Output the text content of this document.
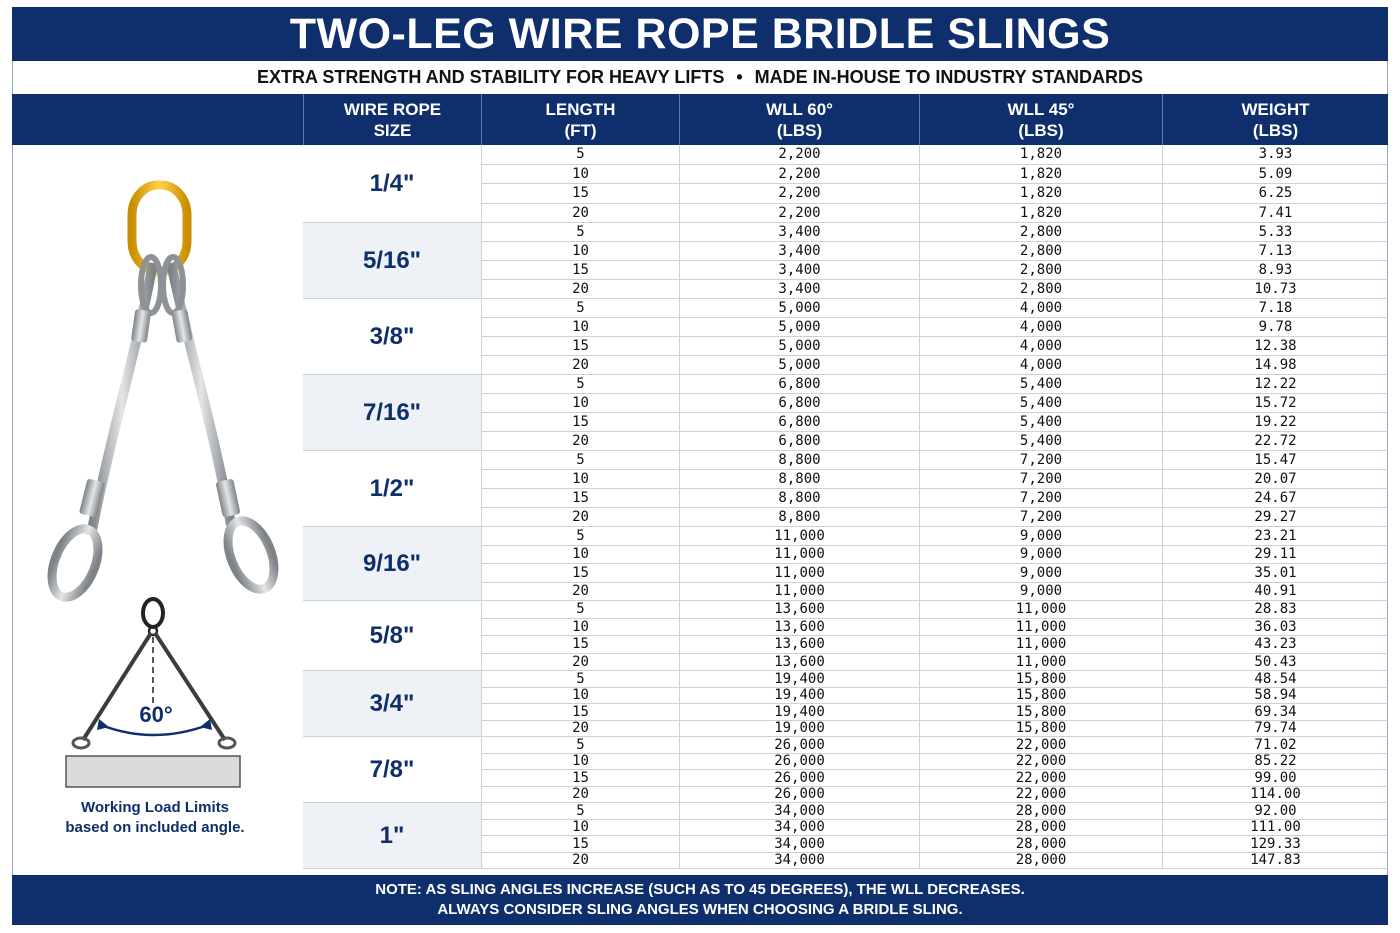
TWO-LEG WIRE ROPE BRIDLE SLINGS
EXTRA STRENGTH AND STABILITY FOR HEAVY LIFTS • MADE IN-HOUSE TO INDUSTRY STANDARDS
WIRE ROPE
SIZE
LENGTH
(FT)
WLL 60°
(LBS)
WLL 45°
(LBS)
WEIGHT
(LBS)
60°
Working Load Limits
based on included angle.
1/4"
5	2,200	1,820	3.93
10	2,200	1,820	5.09
15	2,200	1,820	6.25
20	2,200	1,820	7.41
5/16"
5	3,400	2,800	5.33
10	3,400	2,800	7.13
15	3,400	2,800	8.93
20	3,400	2,800	10.73
3/8"
5	5,000	4,000	7.18
10	5,000	4,000	9.78
15	5,000	4,000	12.38
20	5,000	4,000	14.98
7/16"
5	6,800	5,400	12.22
10	6,800	5,400	15.72
15	6,800	5,400	19.22
20	6,800	5,400	22.72
1/2"
5	8,800	7,200	15.47
10	8,800	7,200	20.07
15	8,800	7,200	24.67
20	8,800	7,200	29.27
9/16"
5	11,000	9,000	23.21
10	11,000	9,000	29.11
15	11,000	9,000	35.01
20	11,000	9,000	40.91
5/8"
5	13,600	11,000	28.83
10	13,600	11,000	36.03
15	13,600	11,000	43.23
20	13,600	11,000	50.43
3/4"
5	19,400	15,800	48.54
10	19,400	15,800	58.94
15	19,400	15,800	69.34
20	19,000	15,800	79.74
7/8"
5	26,000	22,000	71.02
10	26,000	22,000	85.22
15	26,000	22,000	99.00
20	26,000	22,000	114.00
1"
5	34,000	28,000	92.00
10	34,000	28,000	111.00
15	34,000	28,000	129.33
20	34,000	28,000	147.83
NOTE: AS SLING ANGLES INCREASE (SUCH AS TO 45 DEGREES), THE WLL DECREASES.
ALWAYS CONSIDER SLING ANGLES WHEN CHOOSING A BRIDLE SLING.
